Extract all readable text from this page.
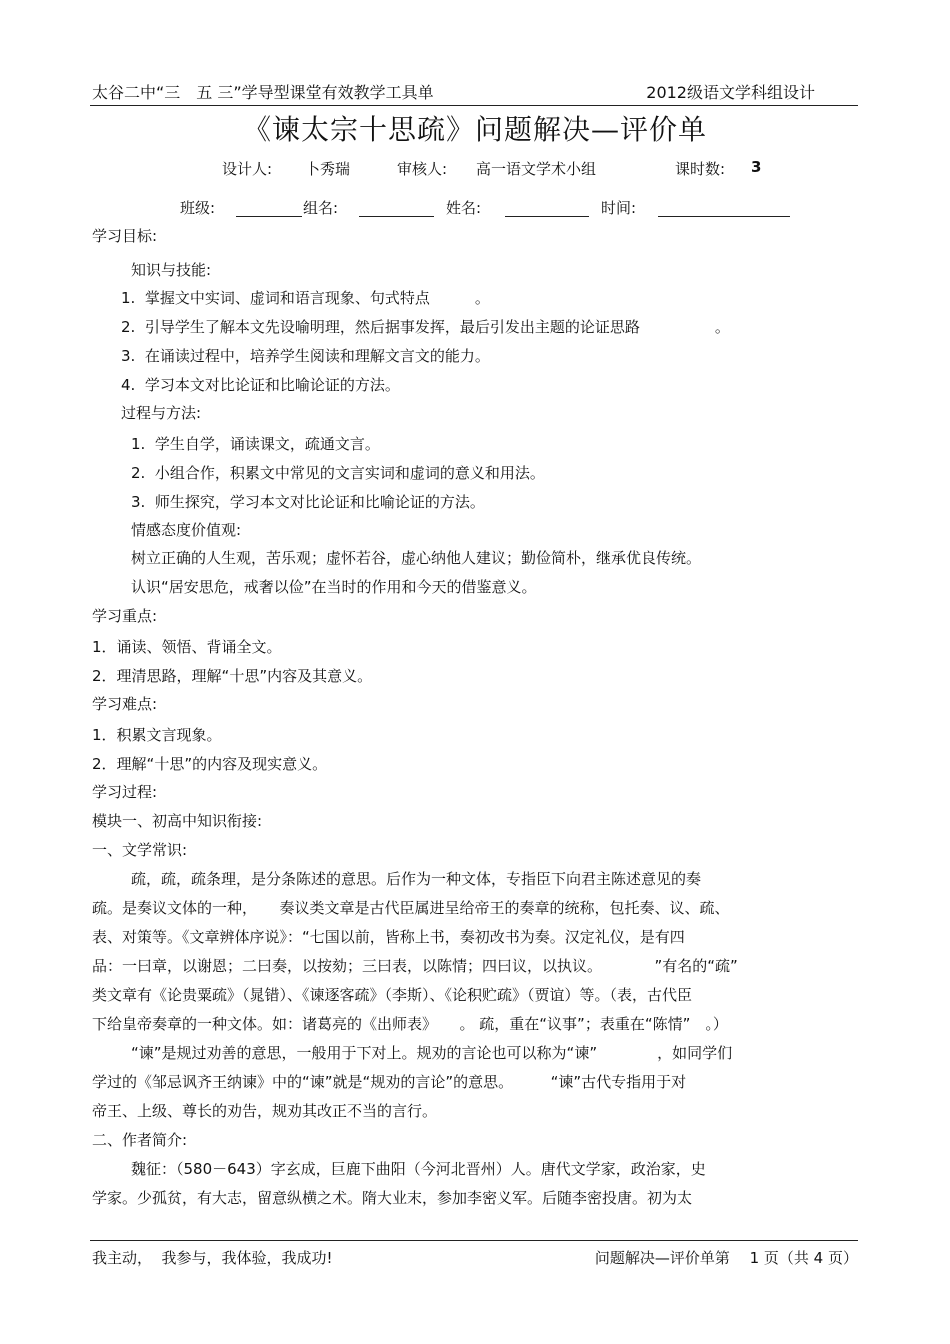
太谷二中“三　五 三”学导型课堂有效教学工具单	2012级语文学科组设计
《谏太宗十思疏》问题解决—评价单
设计人: 卜秀瑞	审核人: 高一语文学术小组	课时数: 3
班级:	组名:	姓名:	时间:
学习目标:
知识与技能:
1.  掌握文中实词、虚词和语言现象、句式特点　　　。
2.  引导学生了解本文先设喻明理，然后据事发挥，最后引发出主题的论证思路　　　　　。
3.  在诵读过程中，培养学生阅读和理解文言文的能力。
4.  学习本文对比论证和比喻论证的方法。
过程与方法:
1.  学生自学，诵读课文，疏通文言。
2.  小组合作，积累文中常见的文言实词和虚词的意义和用法。
3.  师生探究，学习本文对比论证和比喻论证的方法。
情感态度价值观:
树立正确的人生观，苦乐观；虚怀若谷，虚心纳他人建议；勤俭简朴，继承优良传统。
认识“居安思危，戒奢以俭”在当时的作用和今天的借鉴意义。
学习重点:
1．诵读、领悟、背诵全文。
2．理清思路，理解“十思”内容及其意义。
学习难点:
1．积累文言现象。
2．理解“十思”的内容及现实意义。
学习过程:
模块一、初高中知识衔接:
一、文学常识:
疏，疏，疏条理，是分条陈述的意思。后作为一种文体，专指臣下向君主陈述意见的奏
疏。是奏议文体的一种，　　奏议类文章是古代臣属进呈给帝王的奏章的统称，包托奏、议、疏、
表、对策等。《文章辨体序说》：“七国以前，皆称上书，奏初改书为奏。汉定礼仪，是有四
品：一曰章，以谢恩；二曰奏，以按劾；三曰表，以陈情；四曰议，以执议。　　　　”有名的“疏”
类文章有《论贵粟疏》（晁错）、《谏逐客疏》（李斯）、《论积贮疏》（贾谊）等。（表，古代臣
下给皇帝奏章的一种文体。如：诸葛亮的《出师表》　　。 疏，重在“议事”；表重在“陈情”　。）
“谏”是规过劝善的意思，一般用于下对上。规劝的言论也可以称为“谏”　　　　，如同学们
学过的《邹忌讽齐王纳谏》中的“谏”就是“规劝的言论”的意思。　　　“谏”古代专指用于对
帝王、上级、尊长的劝告，规劝其改正不当的言行。
二、作者简介:
魏征：（580－643）字玄成，巨鹿下曲阳（今河北晋州）人。唐代文学家，政治家，史
学家。少孤贫，有大志，留意纵横之术。隋大业末，参加李密义军。后随李密投唐。初为太
我主动，  我参与，我体验，我成功!	问题解决—评价单第　 1 页（共 4 页）
